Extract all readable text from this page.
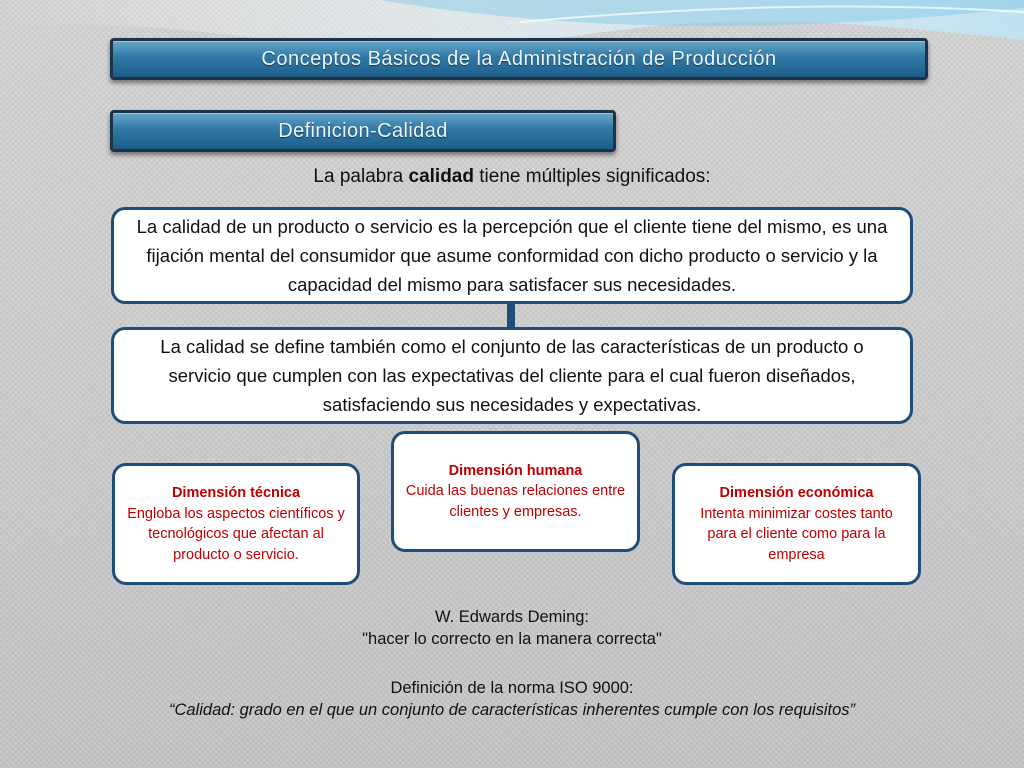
Conceptos Básicos de la Administración de Producción
Definicion-Calidad
La palabra calidad tiene múltiples significados:
La calidad de un producto o servicio es la percepción que el cliente tiene del mismo, es una fijación mental del consumidor que asume conformidad con dicho producto o servicio y la capacidad del mismo para satisfacer sus necesidades.
La calidad se define también como el conjunto de las características de un producto o servicio que cumplen con las expectativas del cliente para el cual fueron diseñados, satisfaciendo sus necesidades y expectativas.
Dimensión técnica
Engloba los aspectos científicos y tecnológicos que afectan al producto o servicio.
Dimensión humana
Cuida las buenas relaciones entre clientes y empresas.
Dimensión económica
Intenta minimizar costes tanto para el cliente como para la empresa
W. Edwards Deming:
"hacer lo correcto en la manera correcta"
Definición de la norma ISO 9000:
“Calidad: grado en el que un conjunto de características inherentes cumple con los requisitos”
